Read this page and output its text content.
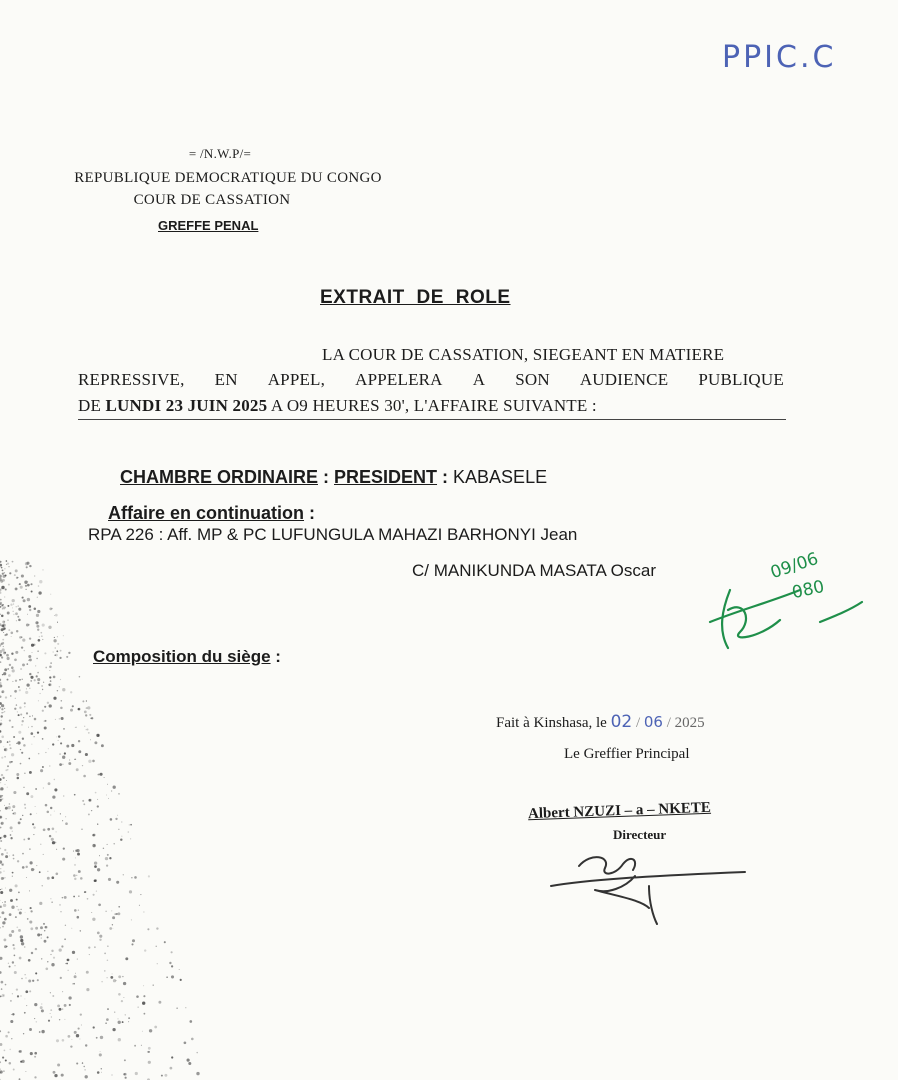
PPIC.C
= /N.W.P/=
REPUBLIQUE DEMOCRATIQUE DU CONGO
COUR DE CASSATION
GREFFE PENAL
EXTRAIT DE ROLE
LA COUR DE CASSATION, SIEGEANT EN MATIERE
REPRESSIVE, EN APPEL, APPELERA A SON AUDIENCE PUBLIQUE
DE LUNDI 23 JUIN 2025 A O9 HEURES 30', L'AFFAIRE SUIVANTE :
CHAMBRE ORDINAIRE : PRESIDENT : KABASELE
Affaire en continuation :
RPA 226 : Aff. MP & PC LUFUNGULA MAHAZI BARHONYI Jean
C/ MANIKUNDA MASATA Oscar	09/06
080
Composition du siège :
Fait à Kinshasa, le 02 / 06 / 2025
Le Greffier Principal
Albert NZUZI – a – NKETE
Directeur
